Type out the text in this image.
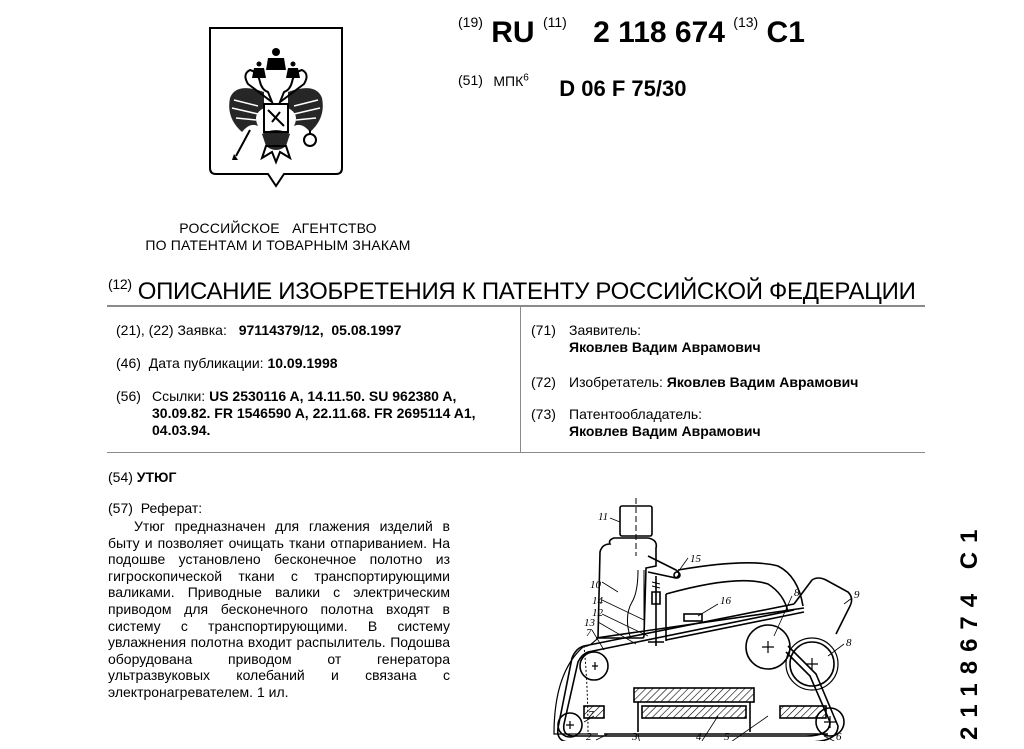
РОССИЙСКОЕ   АГЕНТСТВО
ПО ПАТЕНТАМ И ТОВАРНЫМ ЗНАКАМ
$^{(19)}$ RU $^{(11)}$ 2 118 674 $^{(13)}$ C1
(51) МПК$^6$ D 06 F 75/30
$^{(12)}$ ОПИСАНИЕ ИЗОБРЕТЕНИЯ К ПАТЕНТУ РОССИЙСКОЙ ФЕДЕРАЦИИ
(21), (22) Заявка: 97114379/12,  05.08.1997
(46) Дата публикации: 10.09.1998
(56) Ссылки: US 2530116 A, 14.11.50. SU 962380 A, 30.09.82. FR 1546590 A, 22.11.68. FR 2695114 A1, 04.03.94.
(71) Заявитель:
Яковлев Вадим Аврамович
(72) Изобретатель: Яковлев Вадим Аврамович
(73) Патентообладатель:
Яковлев Вадим Аврамович
(54) УТЮГ
(57) Реферат:
Утюг предназначен для глажения изделий в быту и позволяет очищать ткани отпариванием. На подошве установлено бесконечное полотно из гигроскопической ткани с транспортирующими валиками. Приводные валики с электрическим приводом для бесконечного полотна входят в систему с транспортирующими. В систему увлажнения полотна входит распылитель. Подошва оборудована приводом от генератора ультразвуковых колебаний и связана с электронагревателем. 1 ил.
11
15
10
14	16
12
13
7
8	9
8
7
2	3	4 5	6	2118674 C1
